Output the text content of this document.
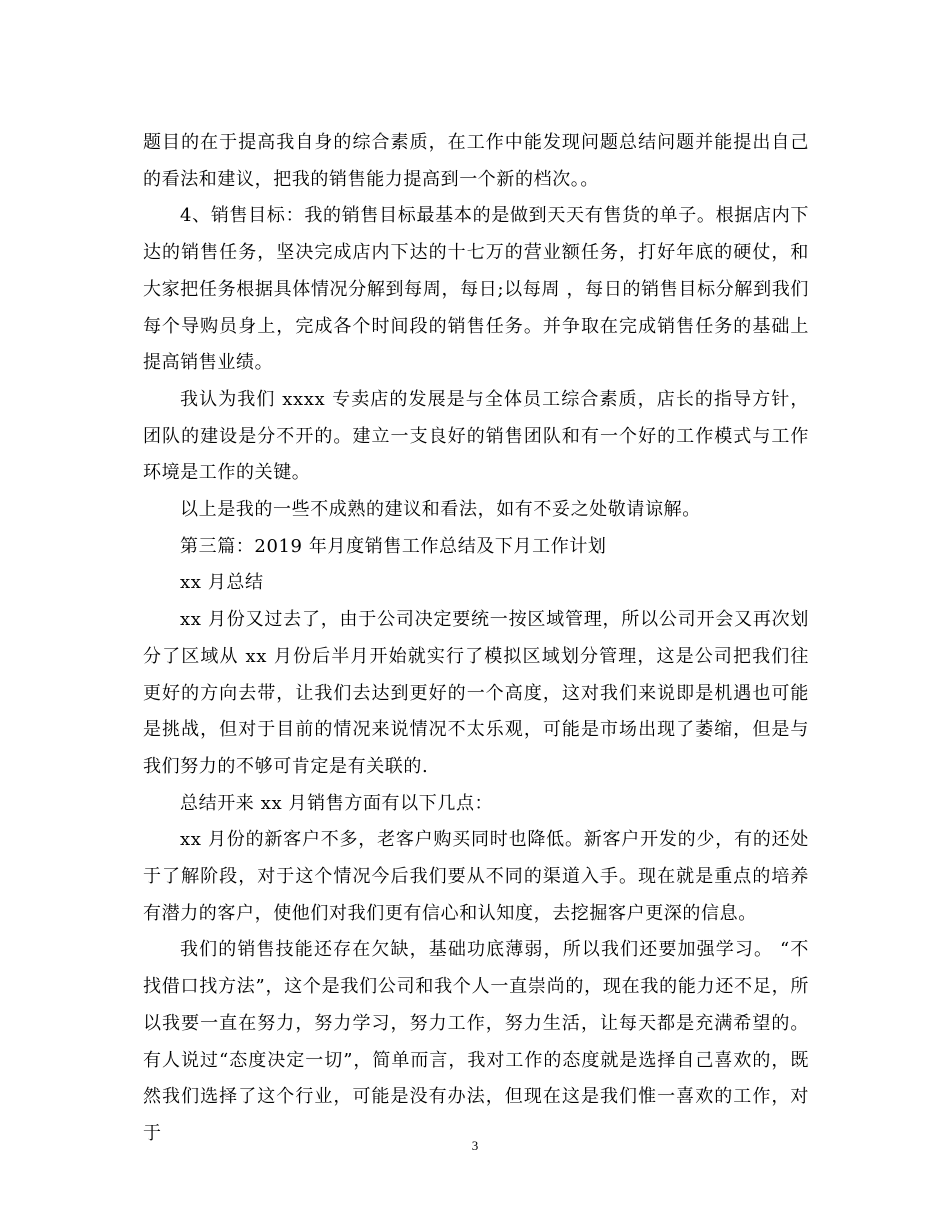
题目的在于提高我自身的综合素质，在工作中能发现问题总结问题并能提出自己的看法和建议，把我的销售能力提高到一个新的档次。。

4、销售目标：我的销售目标最基本的是做到天天有售货的单子。根据店内下达的销售任务，坚决完成店内下达的十七万的营业额任务，打好年底的硬仗，和大家把任务根据具体情况分解到每周，每日;以每周 ，每日的销售目标分解到我们每个导购员身上，完成各个时间段的销售任务。并争取在完成销售任务的基础上提高销售业绩。

我认为我们 xxxx 专卖店的发展是与全体员工综合素质，店长的指导方针，团队的建设是分不开的。建立一支良好的销售团队和有一个好的工作模式与工作环境是工作的关键。

以上是我的一些不成熟的建议和看法，如有不妥之处敬请谅解。

第三篇：2019 年月度销售工作总结及下月工作计划

xx 月总结

xx 月份又过去了，由于公司决定要统一按区域管理，所以公司开会又再次划分了区域从 xx 月份后半月开始就实行了模拟区域划分管理，这是公司把我们往更好的方向去带，让我们去达到更好的一个高度，这对我们来说即是机遇也可能是挑战，但对于目前的情况来说情况不太乐观，可能是市场出现了萎缩，但是与我们努力的不够可肯定是有关联的.

总结开来 xx 月销售方面有以下几点：

xx 月份的新客户不多，老客户购买同时也降低。新客户开发的少，有的还处于了解阶段，对于这个情况今后我们要从不同的渠道入手。现在就是重点的培养有潜力的客户，使他们对我们更有信心和认知度，去挖掘客户更深的信息。

我们的销售技能还存在欠缺，基础功底薄弱，所以我们还要加强学习。 “不找借口找方法”，这个是我们公司和我个人一直崇尚的，现在我的能力还不足，所以我要一直在努力，努力学习，努力工作，努力生活，让每天都是充满希望的。有人说过“态度决定一切”，简单而言，我对工作的态度就是选择自己喜欢的，既然我们选择了这个行业，可能是没有办法，但现在这是我们惟一喜欢的工作，对于

3
